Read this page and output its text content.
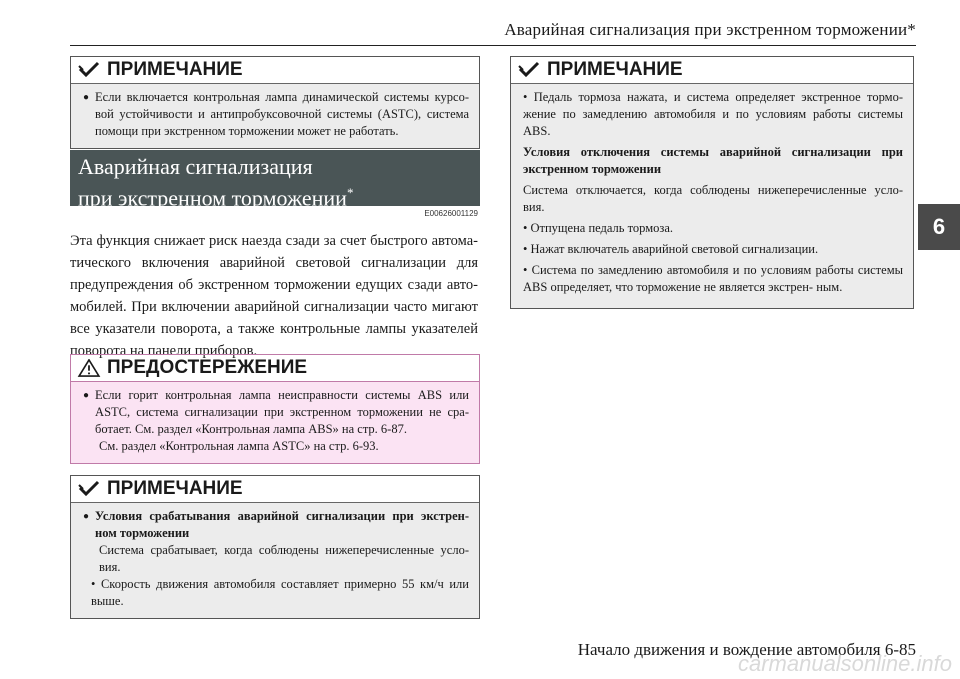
Аварийная сигнализация при экстренном торможении*
6
ПРИМЕЧАНИЕ
● Если включается контрольная лампа динамической системы курсо- вой устойчивости и антипробуксовочной системы (ASTC), система помощи при экстренном торможении может не работать.
Аварийная сигнализация
при экстренном торможении*
E00626001129
Эта функция снижает риск наезда сзади за счет быстрого автома- тического включения аварийной световой сигнализации для предупреждения об экстренном торможении едущих сзади авто- мобилей. При включении аварийной сигнализации часто мигают все указатели поворота, а также контрольные лампы указателей поворота на панели приборов.
ПРЕДОСТЕРЕЖЕНИЕ
● Если горит контрольная лампа неисправности системы ABS или ASTC, система сигнализации при экстренном торможении не сра- ботает. См. раздел «Контрольная лампа ABS» на стр. 6-87.
См. раздел «Контрольная лампа ASTC» на стр. 6-93.
ПРИМЕЧАНИЕ
● Условия срабатывания аварийной сигнализации при экстрен- ном торможении
Система срабатывает, когда соблюдены нижеперечисленные усло- вия.
• Скорость движения автомобиля составляет примерно 55 км/ч или выше.
ПРИМЕЧАНИЕ
• Педаль тормоза нажата, и система определяет экстренное тормо- жение по замедлению автомобиля и по условиям работы системы ABS.
Условия отключения системы аварийной сигнализации при экстренном торможении
Система отключается, когда соблюдены нижеперечисленные усло- вия.
• Отпущена педаль тормоза.
• Нажат включатель аварийной световой сигнализации.
• Система по замедлению автомобиля и по условиям работы системы ABS определяет, что торможение не является экстрен- ным.
Начало движения и вождение автомобиля 6-85
carmanualsonline.info
